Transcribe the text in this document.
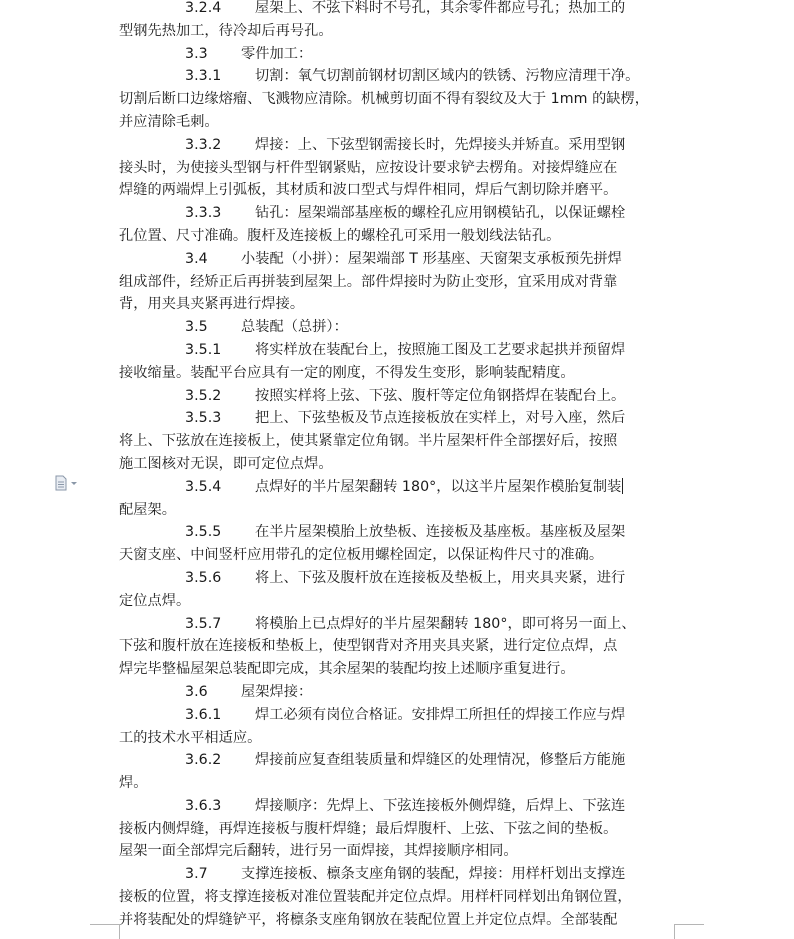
3.2.4 屋架上、不弦下料时不号孔，其余零件都应号孔；热加工的
型钢先热加工，待冷却后再号孔。
3.3 零件加工：
3.3.1 切割：氧气切割前钢材切割区域内的铁锈、污物应清理干净。
切割后断口边缘熔瘤、飞溅物应清除。机械剪切面不得有裂纹及大于 1mm 的缺楞，
并应清除毛刺。
3.3.2 焊接：上、下弦型钢需接长时，先焊接头并矫直。采用型钢
接头时，为使接头型钢与杆件型钢紧贴，应按设计要求铲去楞角。对接焊缝应在
焊缝的两端焊上引弧板，其材质和波口型式与焊件相同，焊后气割切除并磨平。
3.3.3 钻孔：屋架端部基座板的螺栓孔应用钢模钻孔，以保证螺栓
孔位置、尺寸准确。腹杆及连接板上的螺栓孔可采用一般划线法钻孔。
3.4 小装配（小拼）：屋架端部 T 形基座、天窗架支承板预先拼焊
组成部件，经矫正后再拼装到屋架上。部件焊接时为防止变形，宜采用成对背靠
背，用夹具夹紧再进行焊接。
3.5 总装配（总拼）：
3.5.1 将实样放在装配台上，按照施工图及工艺要求起拱并预留焊
接收缩量。装配平台应具有一定的刚度，不得发生变形，影响装配精度。
3.5.2 按照实样将上弦、下弦、腹杆等定位角钢搭焊在装配台上。
3.5.3 把上、下弦垫板及节点连接板放在实样上，对号入座，然后
将上、下弦放在连接板上，使其紧靠定位角钢。半片屋架杆件全部摆好后，按照
施工图核对无误，即可定位点焊。
3.5.4 点焊好的半片屋架翻转 180°，以这半片屋架作模胎复制装
配屋架。
3.5.5 在半片屋架模胎上放垫板、连接板及基座板。基座板及屋架
天窗支座、中间竖杆应用带孔的定位板用螺栓固定，以保证构件尺寸的准确。
3.5.6 将上、下弦及腹杆放在连接板及垫板上，用夹具夹紧，进行
定位点焊。
3.5.7 将模胎上已点焊好的半片屋架翻转 180°，即可将另一面上、
下弦和腹杆放在连接板和垫板上，使型钢背对齐用夹具夹紧，进行定位点焊，点
焊完毕整榀屋架总装配即完成，其余屋架的装配均按上述顺序重复进行。
3.6 屋架焊接：
3.6.1 焊工必须有岗位合格证。安排焊工所担任的焊接工作应与焊
工的技术水平相适应。
3.6.2 焊接前应复查组装质量和焊缝区的处理情况，修整后方能施
焊。
3.6.3 焊接顺序：先焊上、下弦连接板外侧焊缝，后焊上、下弦连
接板内侧焊缝，再焊连接板与腹杆焊缝；最后焊腹杆、上弦、下弦之间的垫板。
屋架一面全部焊完后翻转，进行另一面焊接，其焊接顺序相同。
3.7 支撑连接板、檩条支座角钢的装配，焊接：用样杆划出支撑连
接板的位置，将支撑连接板对准位置装配并定位点焊。用样杆同样划出角钢位置，
并将装配处的焊缝铲平，将檩条支座角钢放在装配位置上并定位点焊。全部装配
